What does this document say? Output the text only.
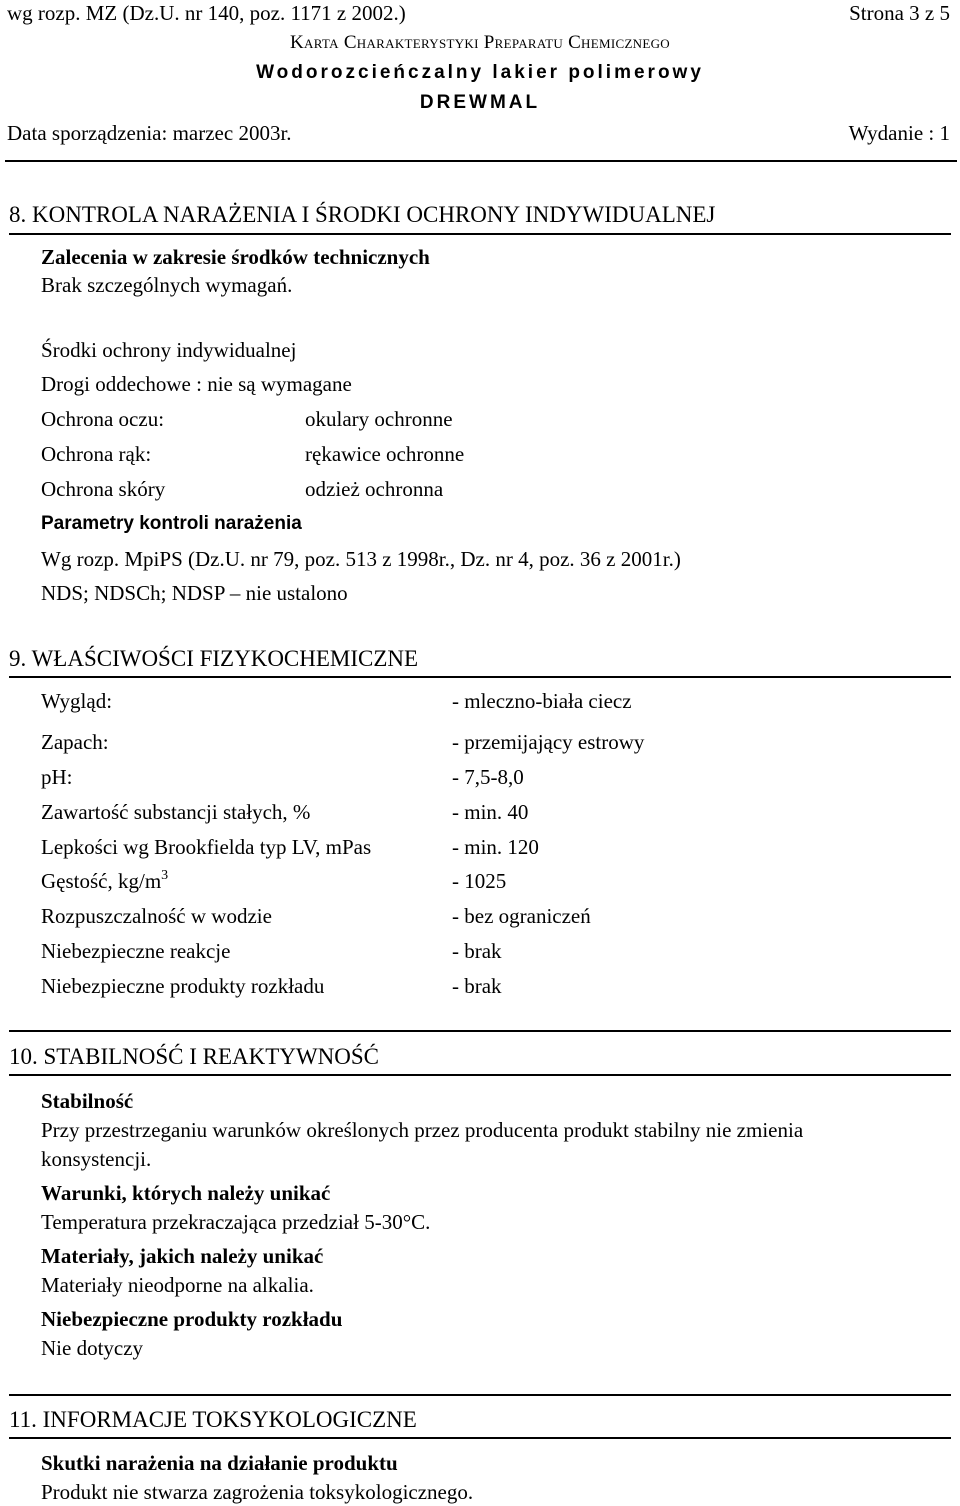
wg rozp. MZ (Dz.U. nr 140, poz. 1171 z 2002.)	Strona 3 z 5
Karta Charakterystyki Preparatu Chemicznego
Wodorozcieńczalny lakier polimerowy
DREWMAL
Data sporządzenia: marzec 2003r.	Wydanie : 1
8. KONTROLA NARAŻENIA I ŚRODKI OCHRONY INDYWIDUALNEJ
Zalecenia w zakresie środków technicznych
Brak szczególnych wymagań.
Środki ochrony indywidualnej
Drogi oddechowe : nie są wymagane
Ochrona oczu:	okulary ochronne
Ochrona rąk:	rękawice ochronne
Ochrona skóry	odzież ochronna
Parametry kontroli narażenia
Wg rozp. MpiPS (Dz.U. nr 79, poz. 513 z 1998r., Dz. nr 4, poz. 36 z 2001r.)
NDS; NDSCh; NDSP – nie ustalono
9. WŁAŚCIWOŚCI FIZYKOCHEMICZNE
Wygląd:	- mleczno-biała ciecz
Zapach:	- przemijający estrowy
pH:	- 7,5-8,0
Zawartość substancji stałych, %	- min. 40
Lepkości wg Brookfielda typ LV, mPas	- min. 120
Gęstość, $kg/m^3$	- 1025
Rozpuszczalność w wodzie	- bez ograniczeń
Niebezpieczne reakcje	- brak
Niebezpieczne produkty rozkładu	- brak
10. STABILNOŚĆ I REAKTYWNOŚĆ
Stabilność
Przy przestrzeganiu warunków określonych przez producenta produkt stabilny nie zmienia
konsystencji.
Warunki, których należy unikać
Temperatura przekraczająca przedział 5-30°C.
Materiały, jakich należy unikać
Materiały nieodporne na alkalia.
Niebezpieczne produkty rozkładu
Nie dotyczy
11. INFORMACJE TOKSYKOLOGICZNE
Skutki narażenia na działanie produktu
Produkt nie stwarza zagrożenia toksykologicznego.
